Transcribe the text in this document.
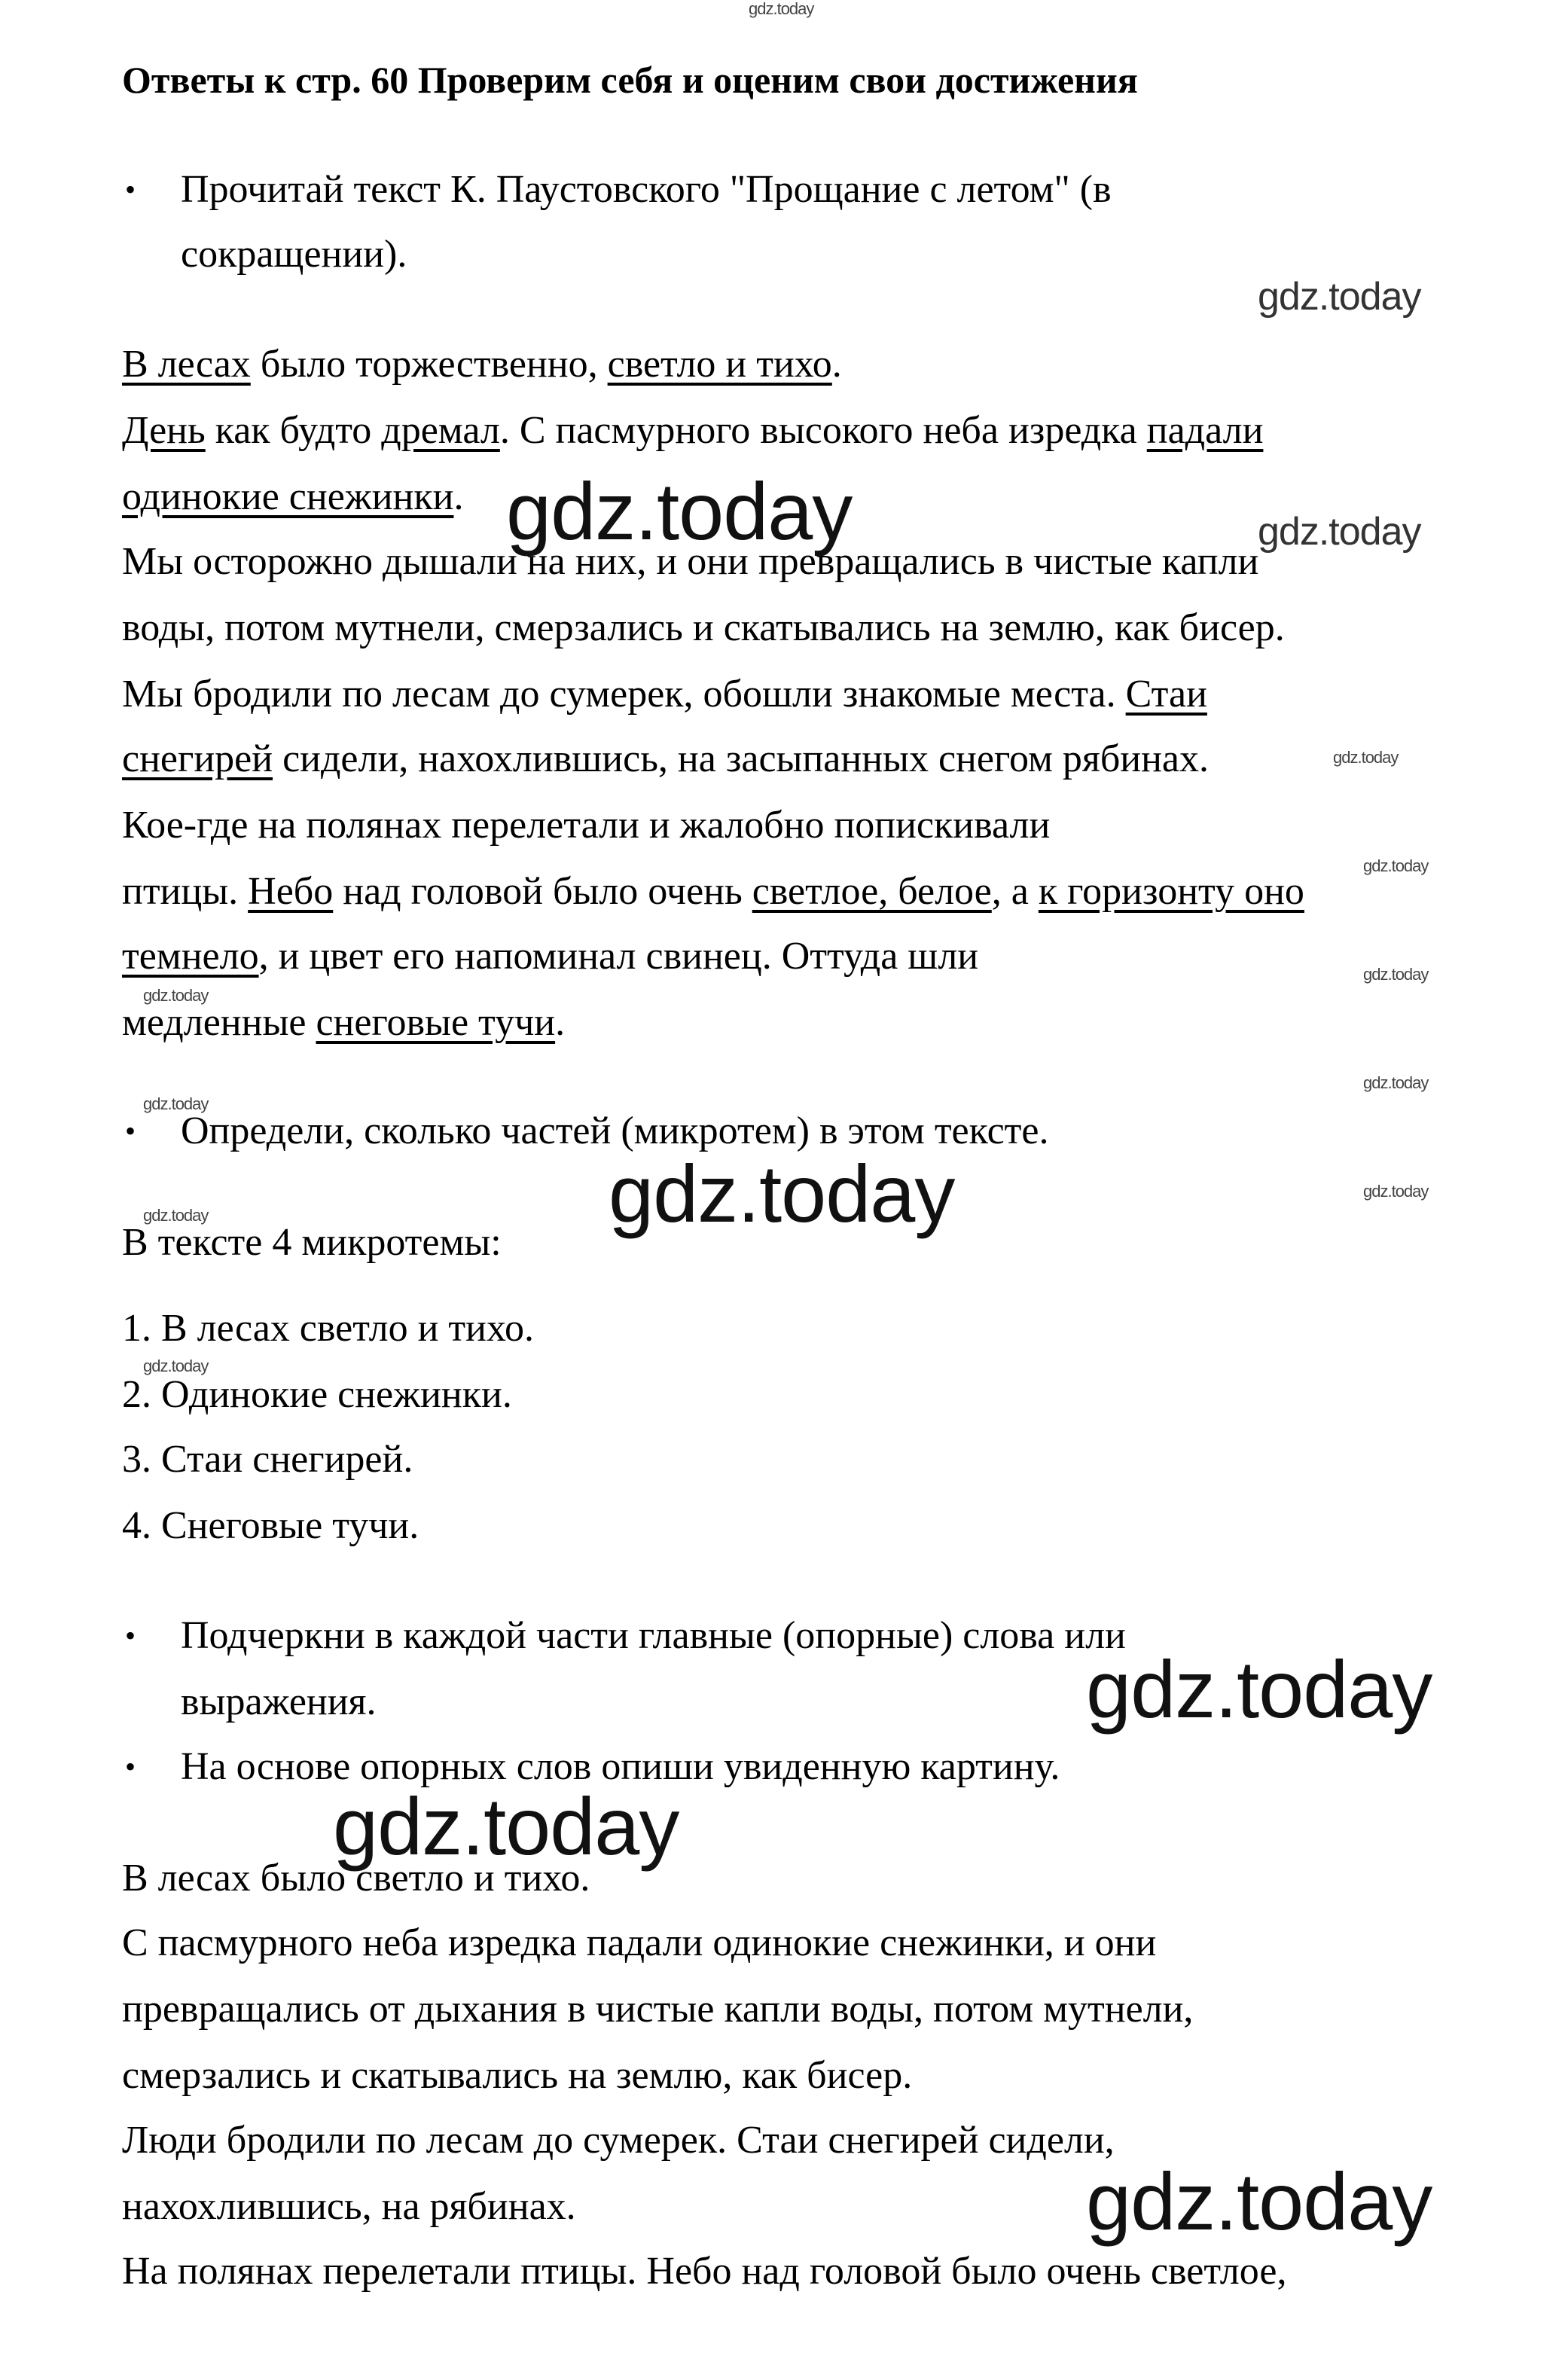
gdz.today
Ответы к стр. 60 Проверим себя и оценим свои достижения
• Прочитай текст К. Паустовского "Прощание с летом" (в
сокращении).
gdz.today
В лесах было торжественно, светло и тихо.
День как будто дремал. С пасмурного высокого неба изредка падали
одинокие снежинки.
Мы осторожно дышали на них, и они превращались в чистые капли
воды, потом мутнели, смерзались и скатывались на землю, как бисер.
Мы бродили по лесам до сумерек, обошли знакомые места. Стаи
снегирей сидели, нахохлившись, на засыпанных снегом рябинах.
Кое-где на полянах перелетали и жалобно попискивали
птицы. Небо над головой было очень светлое, белое, а к горизонту оно
темнело, и цвет его напоминал свинец. Оттуда шли
медленные снеговые тучи.
gdz.today	gdz.today
gdz.today
gdz.today
gdz.today
gdz.today
gdz.today
gdz.today
• Определи, сколько частей (микротем) в этом тексте.
gdz.today	gdz.today
gdz.today
В тексте 4 микротемы:
1. В лесах светло и тихо.
gdz.today
2. Одинокие снежинки.
3. Стаи снегирей.
4. Снеговые тучи.
• Подчеркни в каждой части главные (опорные) слова или
выражения.	gdz.today
• На основе опорных слов опиши увиденную картину.
gdz.today
В лесах было светло и тихо.
С пасмурного неба изредка падали одинокие снежинки, и они
превращались от дыхания в чистые капли воды, потом мутнели,
смерзались и скатывались на землю, как бисер.
Люди бродили по лесам до сумерек. Стаи снегирей сидели,
нахохлившись, на рябинах.
На полянах перелетали птицы. Небо над головой было очень светлое,
gdz.today
